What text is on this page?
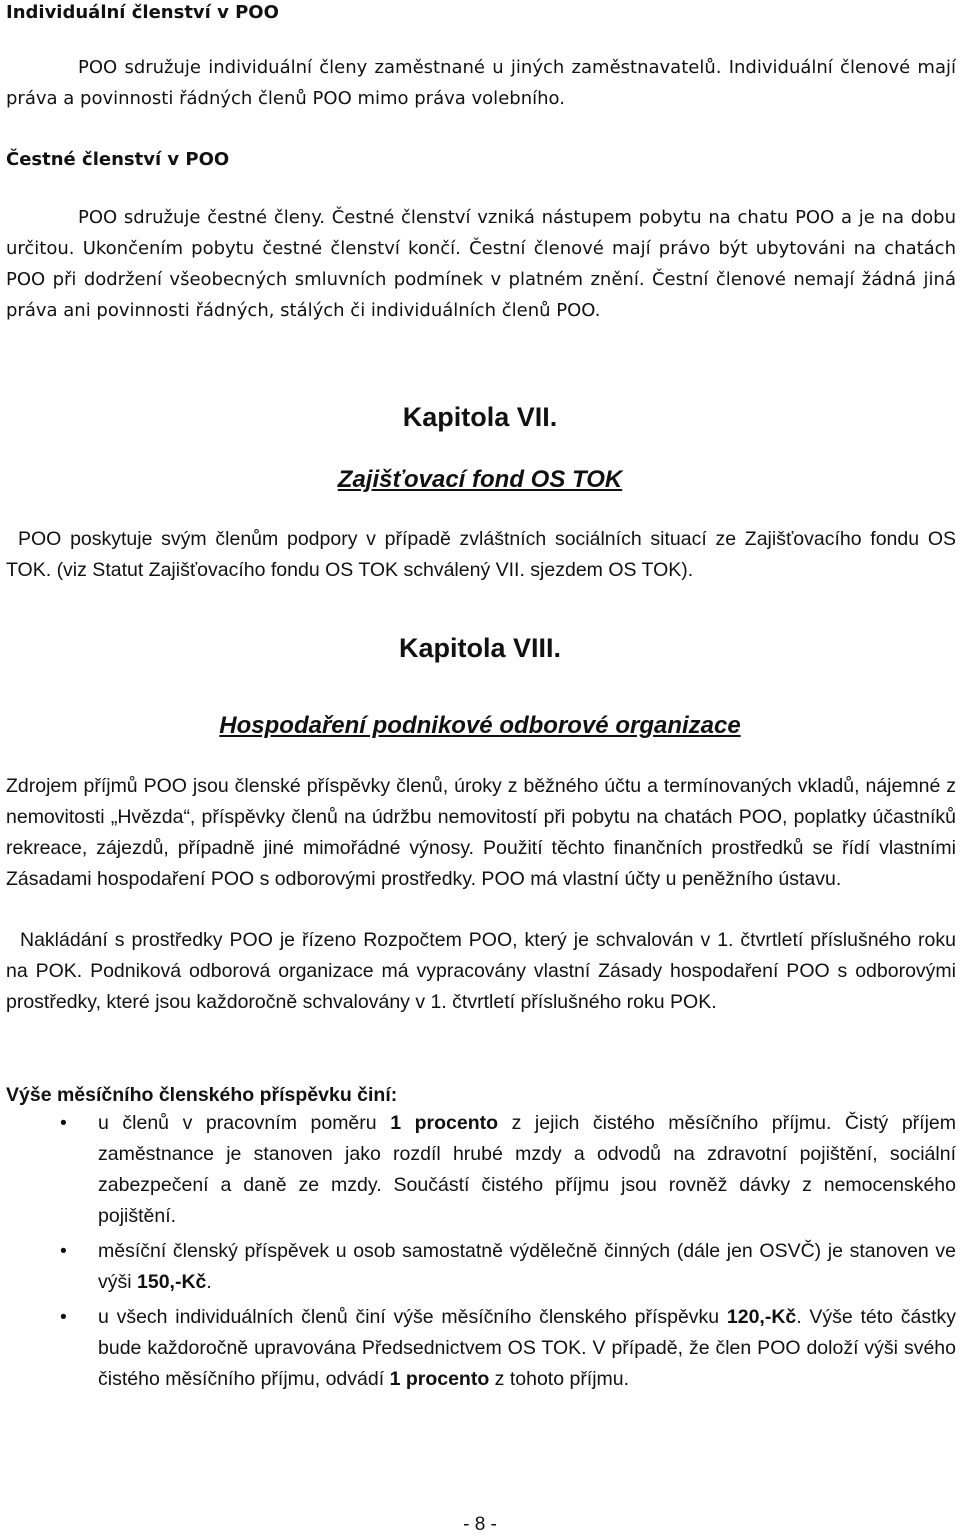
Individuální členství v POO

POO sdružuje individuální členy zaměstnané u jiných zaměstnavatelů. Individuální členové mají práva a povinnosti řádných členů POO mimo práva volebního.

Čestné členství v POO

POO sdružuje čestné členy. Čestné členství vzniká nástupem pobytu na chatu POO a je na dobu určitou. Ukončením pobytu čestné členství končí. Čestní členové mají právo být ubytováni na chatách POO při dodržení všeobecných smluvních podmínek v platném znění. Čestní členové nemají žádná jiná práva ani povinnosti řádných, stálých či individuálních členů POO.

Kapitola VII.
Zajišťovací fond OS TOK

POO poskytuje svým členům podpory v případě zvláštních sociálních situací ze Zajišťovacího fondu OS TOK. (viz Statut Zajišťovacího fondu OS TOK schválený VII. sjezdem OS TOK).

Kapitola VIII.
Hospodaření podnikové odborové organizace

Zdrojem příjmů POO jsou členské příspěvky členů, úroky z běžného účtu a termínovaných vkladů, nájemné z nemovitosti „Hvězda“, příspěvky členů na údržbu nemovitostí při pobytu na chatách POO, poplatky účastníků rekreace, zájezdů, případně jiné mimořádné výnosy. Použití těchto finančních prostředků se řídí vlastními Zásadami hospodaření POO s odborovými prostředky. POO má vlastní účty u peněžního ústavu.

Nakládání s prostředky POO je řízeno Rozpočtem POO, který je schvalován v 1. čtvrtletí příslušného roku na POK. Podniková odborová organizace má vypracovány vlastní Zásady hospodaření POO s odborovými prostředky, které jsou každoročně schvalovány v 1. čtvrtletí příslušného roku POK.

Výše měsíčního členského příspěvku činí:
• u členů v pracovním poměru 1 procento z jejich čistého měsíčního příjmu. Čistý příjem zaměstnance je stanoven jako rozdíl hrubé mzdy a odvodů na zdravotní pojištění, sociální zabezpečení a daně ze mzdy. Součástí čistého příjmu jsou rovněž dávky z nemocenského pojištění.
• měsíční členský příspěvek u osob samostatně výdělečně činných (dále jen OSVČ) je stanoven ve výši 150,-Kč.
• u všech individuálních členů činí výše měsíčního členského příspěvku 120,-Kč. Výše této částky bude každoročně upravována Předsednictvem OS TOK. V případě, že člen POO doloží výši svého čistého měsíčního příjmu, odvádí 1 procento z tohoto příjmu.
- 8 -
